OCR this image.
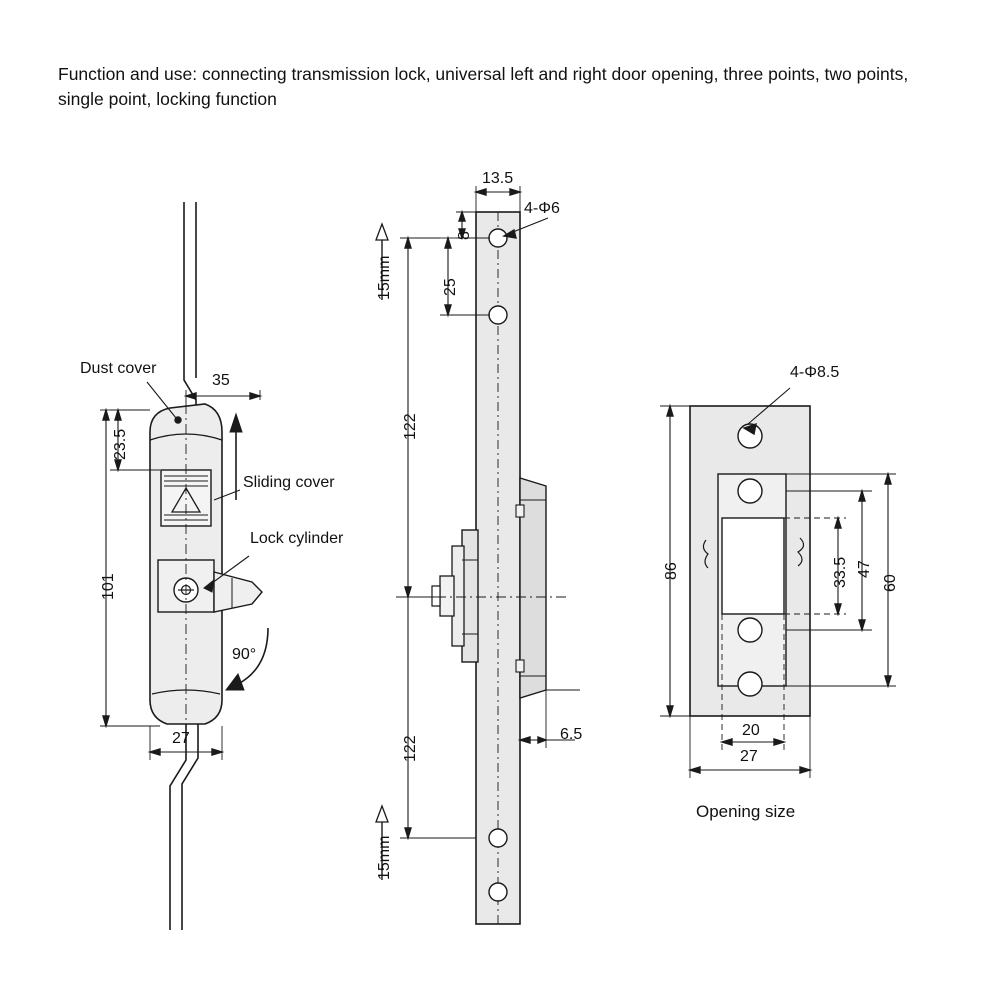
Function and use: connecting transmission lock, universal left and right door opening, three points, two points, single point, locking function
Dust cover
Sliding cover
Lock cylinder
35
23.5
101
27
90°
13.5
4-Φ6
8
25
122
122
6.5
15mm
15mm
4-Φ8.5
86	33.5 47
60
20
27
Opening size
